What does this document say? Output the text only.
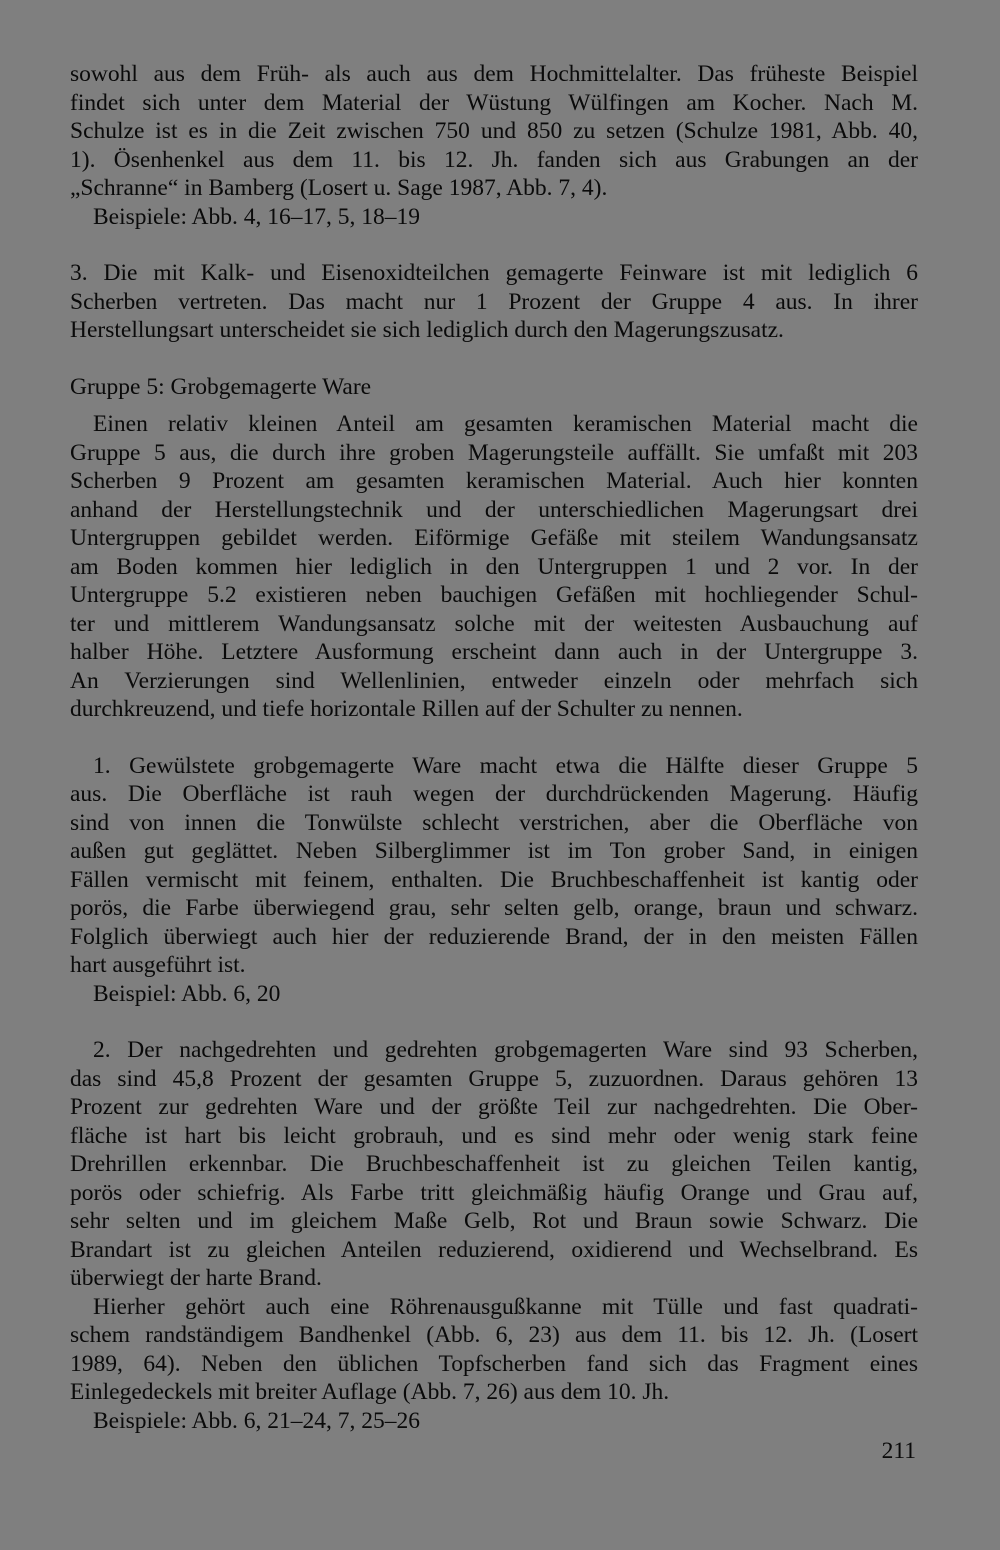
sowohl aus dem Früh- als auch aus dem Hochmittelalter. Das früheste Beispiel
findet sich unter dem Material der Wüstung Wülfingen am Kocher. Nach M.
Schulze ist es in die Zeit zwischen 750 und 850 zu setzen (Schulze 1981, Abb. 40,
1). Ösenhenkel aus dem 11. bis 12. Jh. fanden sich aus Grabungen an der
„Schranne“ in Bamberg (Losert u. Sage 1987, Abb. 7, 4).
Beispiele: Abb. 4, 16–17, 5, 18–19
3. Die mit Kalk- und Eisenoxidteilchen gemagerte Feinware ist mit lediglich 6
Scherben vertreten. Das macht nur 1 Prozent der Gruppe 4 aus. In ihrer
Herstellungsart unterscheidet sie sich lediglich durch den Magerungszusatz.
Gruppe 5: Grobgemagerte Ware
Einen relativ kleinen Anteil am gesamten keramischen Material macht die
Gruppe 5 aus, die durch ihre groben Magerungsteile auffällt. Sie umfaßt mit 203
Scherben 9 Prozent am gesamten keramischen Material. Auch hier konnten
anhand der Herstellungstechnik und der unterschiedlichen Magerungsart drei
Untergruppen gebildet werden. Eiförmige Gefäße mit steilem Wandungsansatz
am Boden kommen hier lediglich in den Untergruppen 1 und 2 vor. In der
Untergruppe 5.2 existieren neben bauchigen Gefäßen mit hochliegender Schul-
ter und mittlerem Wandungsansatz solche mit der weitesten Ausbauchung auf
halber Höhe. Letztere Ausformung erscheint dann auch in der Untergruppe 3.
An Verzierungen sind Wellenlinien, entweder einzeln oder mehrfach sich
durchkreuzend, und tiefe horizontale Rillen auf der Schulter zu nennen.
1. Gewülstete grobgemagerte Ware macht etwa die Hälfte dieser Gruppe 5
aus. Die Oberfläche ist rauh wegen der durchdrückenden Magerung. Häufig
sind von innen die Tonwülste schlecht verstrichen, aber die Oberfläche von
außen gut geglättet. Neben Silberglimmer ist im Ton grober Sand, in einigen
Fällen vermischt mit feinem, enthalten. Die Bruchbeschaffenheit ist kantig oder
porös, die Farbe überwiegend grau, sehr selten gelb, orange, braun und schwarz.
Folglich überwiegt auch hier der reduzierende Brand, der in den meisten Fällen
hart ausgeführt ist.
Beispiel: Abb. 6, 20
2. Der nachgedrehten und gedrehten grobgemagerten Ware sind 93 Scherben,
das sind 45,8 Prozent der gesamten Gruppe 5, zuzuordnen. Daraus gehören 13
Prozent zur gedrehten Ware und der größte Teil zur nachgedrehten. Die Ober-
fläche ist hart bis leicht grobrauh, und es sind mehr oder wenig stark feine
Drehrillen erkennbar. Die Bruchbeschaffenheit ist zu gleichen Teilen kantig,
porös oder schiefrig. Als Farbe tritt gleichmäßig häufig Orange und Grau auf,
sehr selten und im gleichem Maße Gelb, Rot und Braun sowie Schwarz. Die
Brandart ist zu gleichen Anteilen reduzierend, oxidierend und Wechselbrand. Es
überwiegt der harte Brand.
Hierher gehört auch eine Röhrenausgußkanne mit Tülle und fast quadrati-
schem randständigem Bandhenkel (Abb. 6, 23) aus dem 11. bis 12. Jh. (Losert
1989, 64). Neben den üblichen Topfscherben fand sich das Fragment eines
Einlegedeckels mit breiter Auflage (Abb. 7, 26) aus dem 10. Jh.
Beispiele: Abb. 6, 21–24, 7, 25–26
211
